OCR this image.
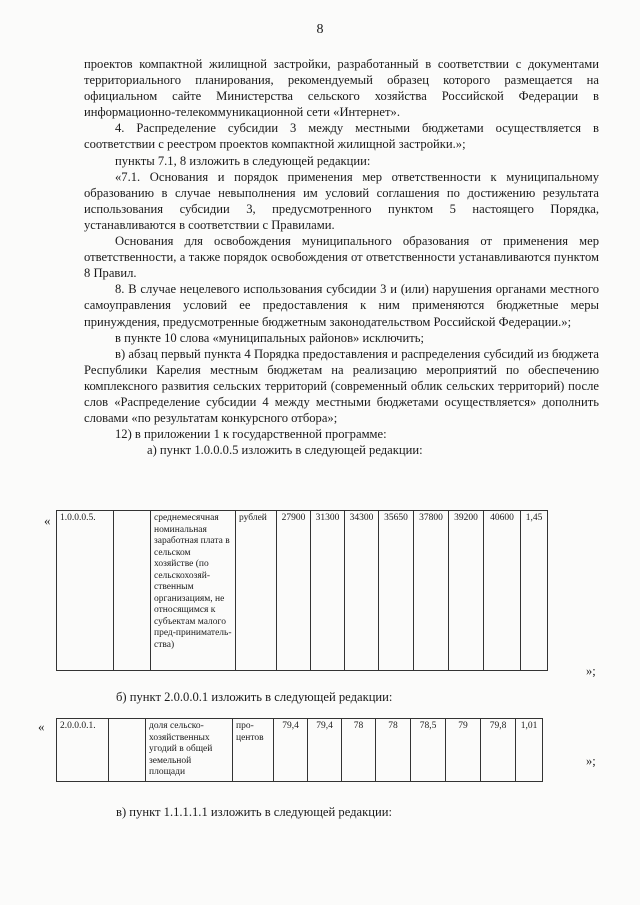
8

проектов компактной жилищной застройки, разработанный в соответствии с документами территориального планирования, рекомендуемый образец которого размещается на официальном сайте Министерства сельского хозяйства Российской Федерации в информационно-телекоммуникационной сети «Интернет».

4. Распределение субсидии 3 между местными бюджетами осуществляется в соответствии с реестром проектов компактной жилищной застройки.»;

пункты 7.1, 8 изложить в следующей редакции:

«7.1. Основания и порядок применения мер ответственности к муниципальному образованию в случае невыполнения им условий соглашения по достижению результата использования субсидии 3, предусмотренного пунктом 5 настоящего Порядка, устанавливаются в соответствии с Правилами.

Основания для освобождения муниципального образования от применения мер ответственности, а также порядок освобождения от ответственности устанавливаются пунктом 8 Правил.

8. В случае нецелевого использования субсидии 3 и (или) нарушения органами местного самоуправления условий ее предоставления к ним применяются бюджетные меры принуждения, предусмотренные бюджетным законодательством Российской Федерации.»;

в пункте 10 слова «муниципальных районов» исключить;

в) абзац первый пункта 4 Порядка предоставления и распределения субсидий из бюджета Республики Карелия местным бюджетам на реализацию мероприятий по обеспечению комплексного развития сельских территорий (современный облик сельских территорий) после слов «Распределение субсидии 4 между местными бюджетами осуществляется» дополнить словами «по результатам конкурсного отбора»;

12) в приложении 1 к государственной программе:

а) пункт 1.0.0.0.5 изложить в следующей редакции:

« 1.0.0.0.5.		среднемесячная номинальная заработная плата в сельском хозяйстве (по сельскохозяй-ственным организациям, не относящимся к субъектам малого пред-приниматель-ства)	рублей	27900	31300	34300	35650	37800	39200	40600	1,45
»;
б) пункт 2.0.0.0.1 изложить в следующей редакции:
« 2.0.0.0.1.		доля сельско-хозяйственных угодий в общей земельной площади	про-центов	79,4	79,4	78	78	78,5	79	79,8	1,01
»;
в) пункт 1.1.1.1.1 изложить в следующей редакции:
